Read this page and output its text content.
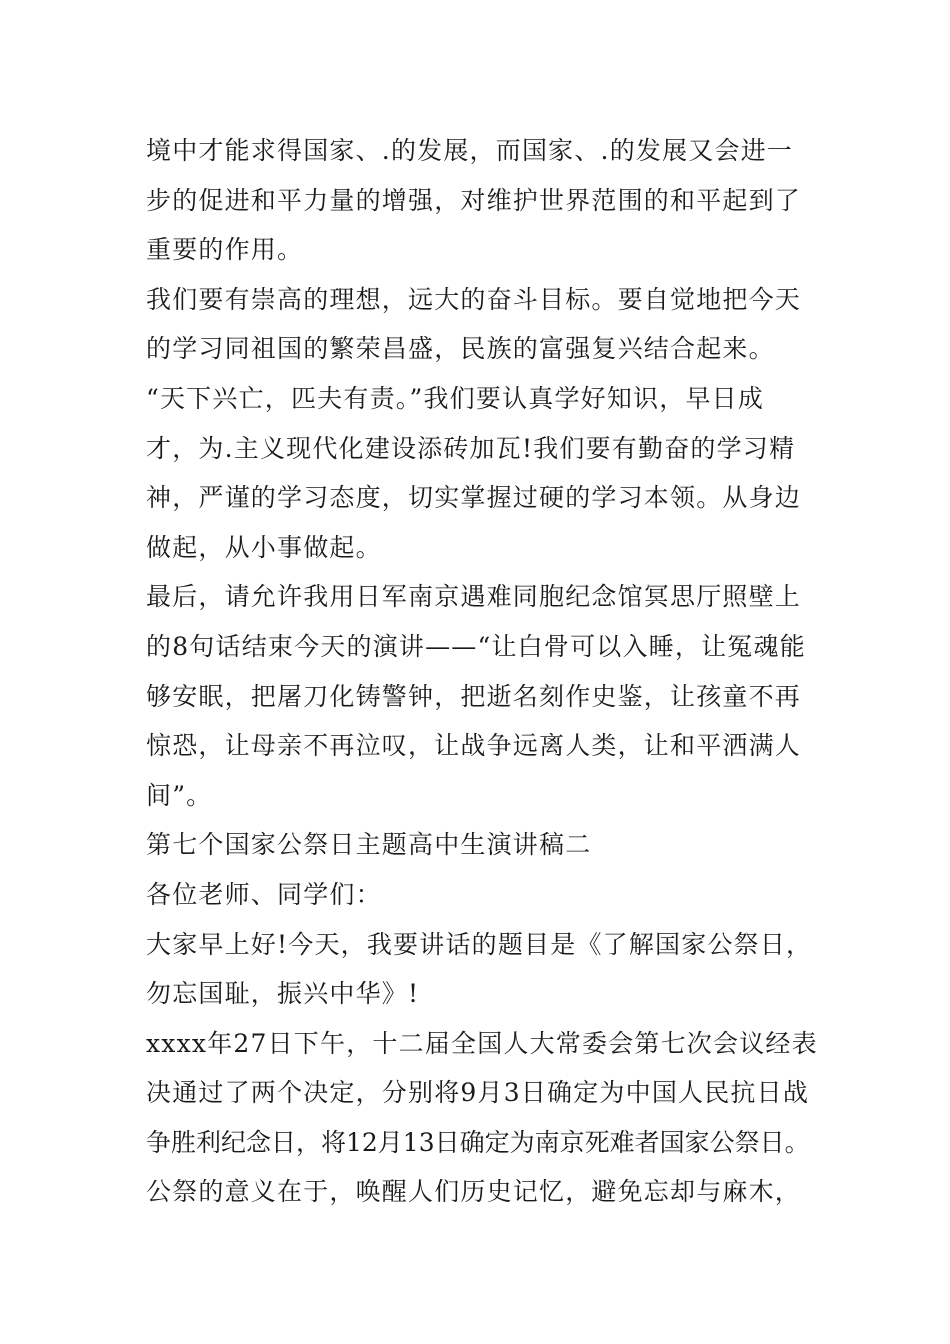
境中才能求得国家、.的发展，而国家、.的发展又会进一
步的促进和平力量的增强，对维护世界范围的和平起到了
重要的作用。
我们要有崇高的理想，远大的奋斗目标。要自觉地把今天
的学习同祖国的繁荣昌盛，民族的富强复兴结合起来。
“天下兴亡，匹夫有责。”我们要认真学好知识，早日成
才，为.主义现代化建设添砖加瓦!我们要有勤奋的学习精
神，严谨的学习态度，切实掌握过硬的学习本领。从身边
做起，从小事做起。
最后，请允许我用日军南京遇难同胞纪念馆冥思厅照壁上
的8句话结束今天的演讲——“让白骨可以入睡，让冤魂能
够安眠，把屠刀化铸警钟，把逝名刻作史鉴，让孩童不再
惊恐，让母亲不再泣叹，让战争远离人类，让和平洒满人
间”。
第七个国家公祭日主题高中生演讲稿二
各位老师、同学们：
大家早上好!今天，我要讲话的题目是《了解国家公祭日，
勿忘国耻，振兴中华》!
xxxx年27日下午，十二届全国人大常委会第七次会议经表
决通过了两个决定，分别将9月3日确定为中国人民抗日战
争胜利纪念日，将12月13日确定为南京死难者国家公祭日。
公祭的意义在于，唤醒人们历史记忆，避免忘却与麻木，
